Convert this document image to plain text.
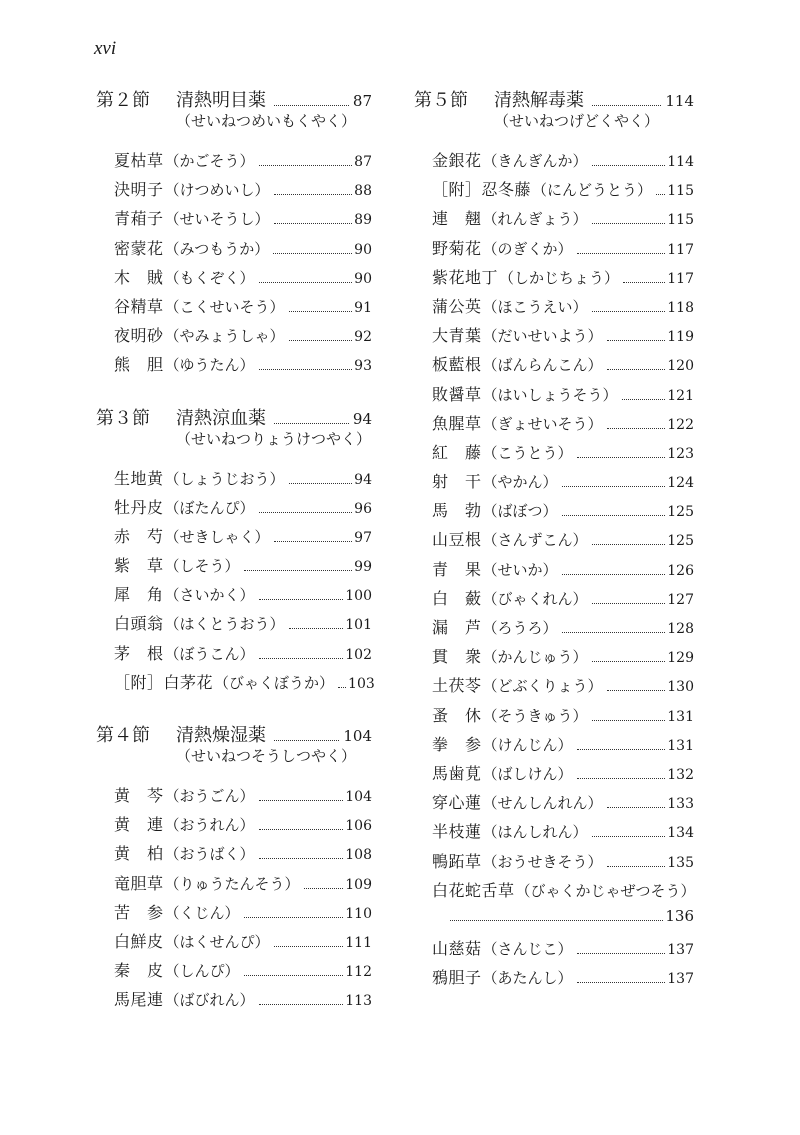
xvi
第２節	清熱明目薬	87
（せいねつめいもくやく）
夏枯草 （かごそう）	87
決明子 （けつめいし）	88
青葙子 （せいそうし）	89
密蒙花 （みつもうか）	90
木　賊 （もくぞく）	90
谷精草 （こくせいそう）	91
夜明砂 （やみょうしゃ）	92
熊　胆 （ゆうたん）	93
第３節	清熱涼血薬	94
（せいねつりょうけつやく）
生地黄 （しょうじおう）	94
牡丹皮 （ぼたんぴ）	96
赤　芍 （せきしゃく）	97
紫　草 （しそう）	99
犀　角 （さいかく）	100
白頭翁 （はくとうおう）	101
茅　根 （ぼうこん）	102
［附］白茅花 （びゃくぼうか） 103
第４節	清熱燥湿薬	104
（せいねつそうしつやく）
黄　芩 （おうごん）	104
黄　連 （おうれん）	106
黄　柏 （おうばく）	108
竜胆草 （りゅうたんそう）	109
苦　参 （くじん）	110
白鮮皮 （はくせんぴ）	111
秦　皮 （しんぴ）	112
馬尾連 （ばびれん）	113
第５節	清熱解毒薬	114
（せいねつげどくやく）
金銀花 （きんぎんか）	114
［附］忍冬藤 （にんどうとう） 115
連　翹 （れんぎょう）	115
野菊花 （のぎくか）	117
紫花地丁 （しかじちょう）	117
蒲公英 （ほこうえい）	118
大青葉 （だいせいよう）	119
板藍根 （ばんらんこん）	120
敗醤草 （はいしょうそう）	121
魚腥草 （ぎょせいそう）	122
紅　藤 （こうとう）	123
射　干 （やかん）	124
馬　勃 （ばぼつ）	125
山豆根 （さんずこん）	125
青　果 （せいか）	126
白　蘞 （びゃくれん）	127
漏　芦 （ろうろ）	128
貫　衆 （かんじゅう）	129
土茯苓 （どぶくりょう）	130
蚤　休 （そうきゅう）	131
拳　参 （けんじん）	131
馬歯莧 （ばしけん）	132
穿心蓮 （せんしんれん）	133
半枝蓮 （はんしれん）	134
鴨跖草 （おうせきそう）	135
白花蛇舌草 （びゃくかじゃぜつそう）
136
山慈菇 （さんじこ）	137
鴉胆子 （あたんし）	137
